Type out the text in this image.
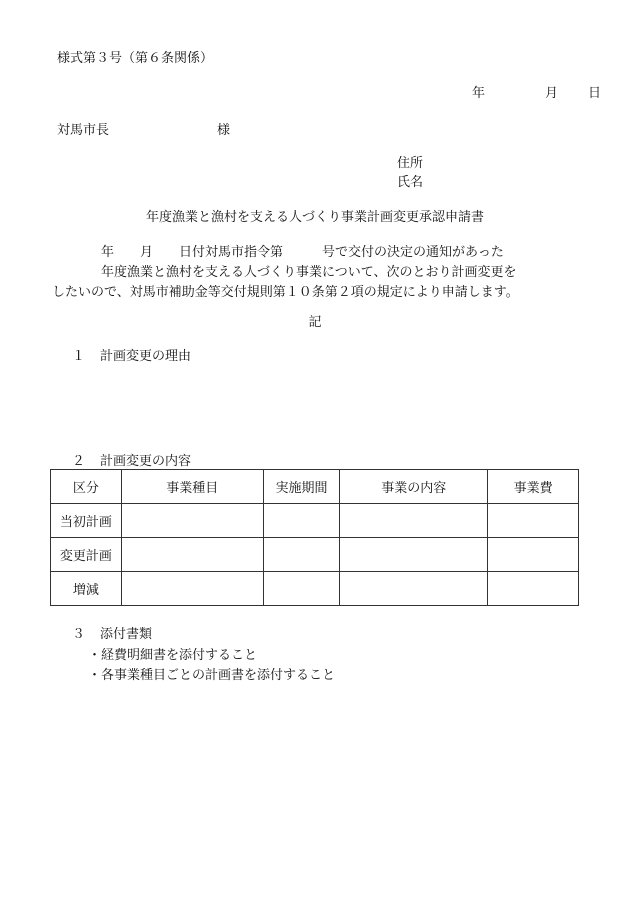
様式第３号（第６条関係）
年	月 日
対馬市長	様
住所
氏名
年度漁業と漁村を支える人づくり事業計画変更承認申請書
年　　月　　日付対馬市指令第　　　号で交付の決定の通知があった
年度漁業と漁村を支える人づくり事業について、次のとおり計画変更を
したいので、対馬市補助金等交付規則第１０条第２項の規定により申請します。
記
１ 計画変更の理由
２ 計画変更の内容
区分	事業種目	実施期間	事業の内容	事業費
当初計画				
変更計画				
増減				
３ 添付書類
・経費明細書を添付すること
・各事業種目ごとの計画書を添付すること
